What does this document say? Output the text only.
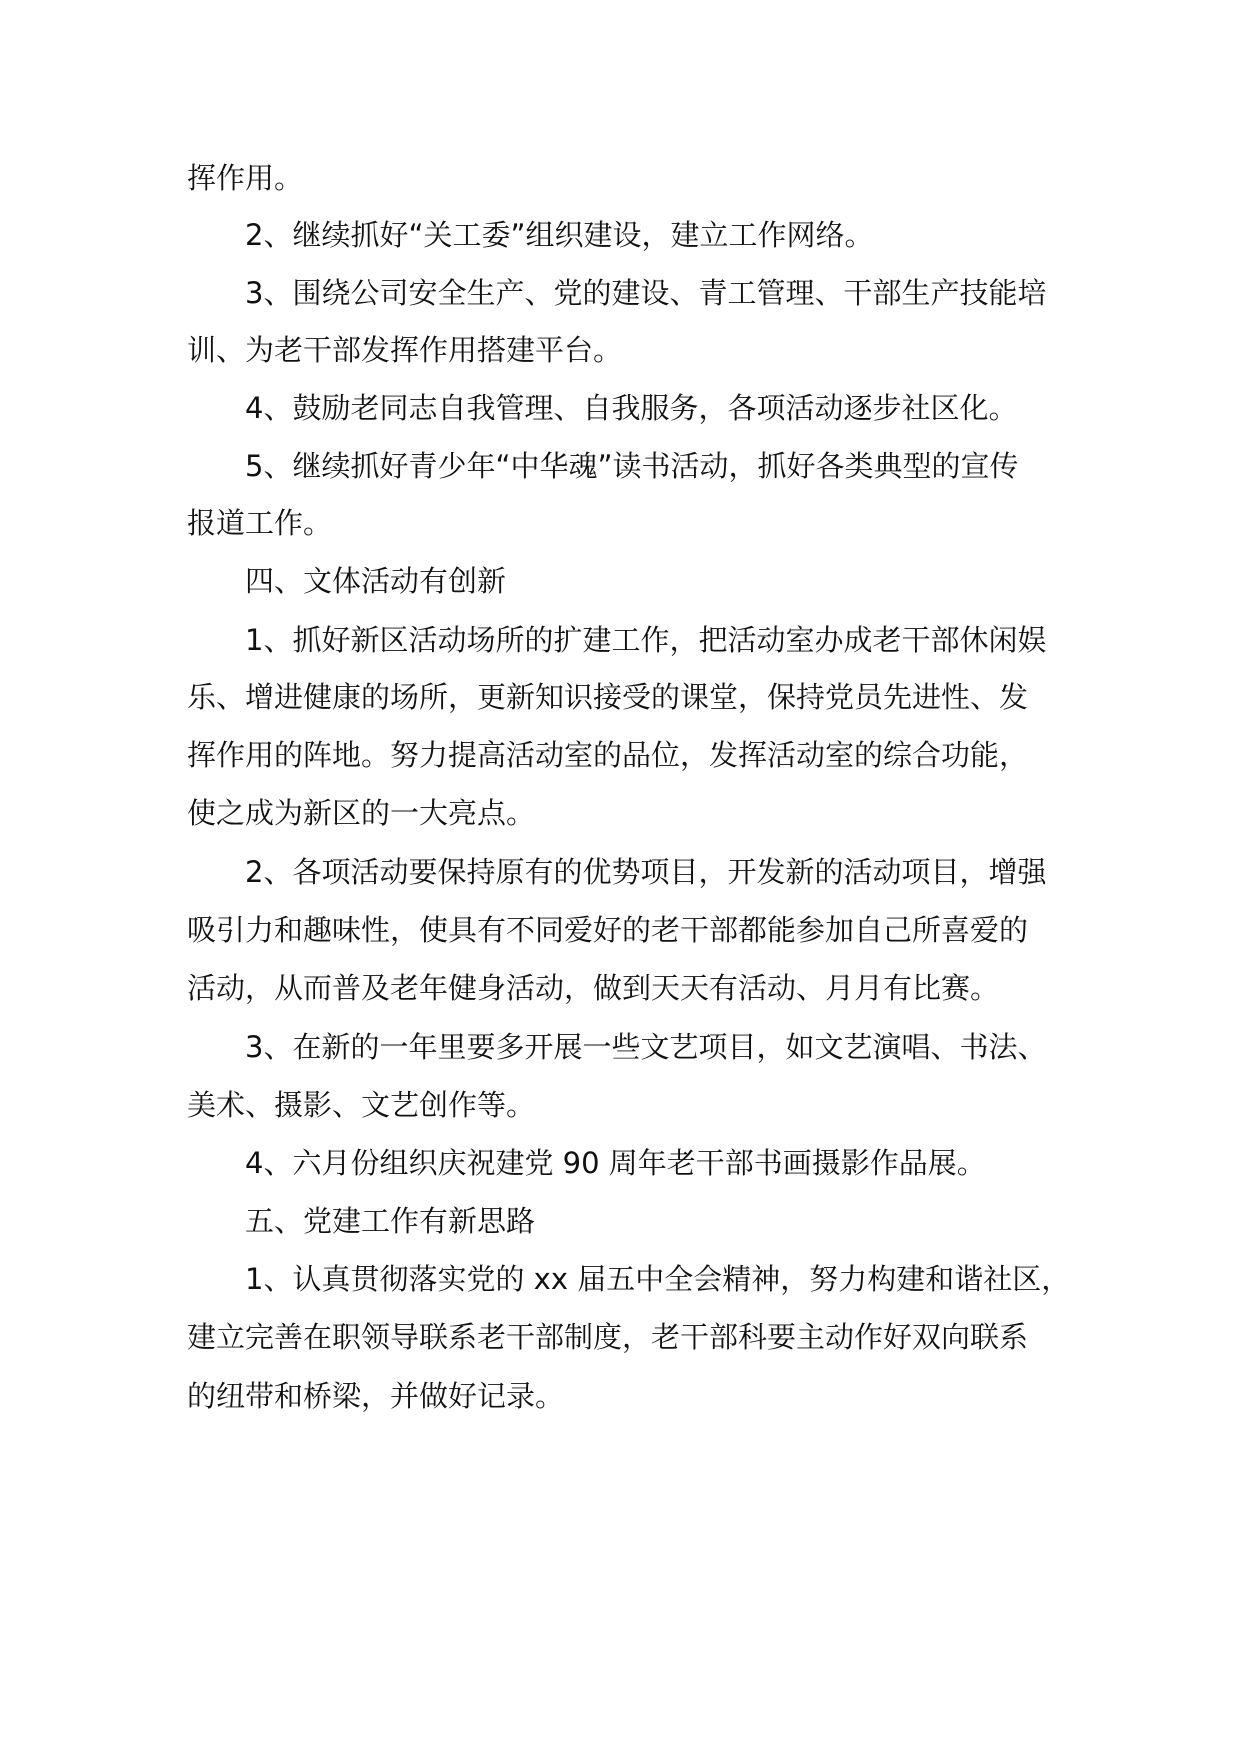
挥作用。
2、继续抓好“关工委”组织建设，建立工作网络。
3、围绕公司安全生产、党的建设、青工管理、干部生产技能培
训、为老干部发挥作用搭建平台。
4、鼓励老同志自我管理、自我服务，各项活动逐步社区化。
5、继续抓好青少年“中华魂”读书活动，抓好各类典型的宣传
报道工作。
四、文体活动有创新
1、抓好新区活动场所的扩建工作，把活动室办成老干部休闲娱
乐、增进健康的场所，更新知识接受的课堂，保持党员先进性、发
挥作用的阵地。努力提高活动室的品位，发挥活动室的综合功能，
使之成为新区的一大亮点。
2、各项活动要保持原有的优势项目，开发新的活动项目，增强
吸引力和趣味性，使具有不同爱好的老干部都能参加自己所喜爱的
活动，从而普及老年健身活动，做到天天有活动、月月有比赛。
3、在新的一年里要多开展一些文艺项目，如文艺演唱、书法、
美术、摄影、文艺创作等。
4、六月份组织庆祝建党 90 周年老干部书画摄影作品展。
五、党建工作有新思路
1、认真贯彻落实党的 xx 届五中全会精神，努力构建和谐社区，
建立完善在职领导联系老干部制度，老干部科要主动作好双向联系
的纽带和桥梁，并做好记录。
